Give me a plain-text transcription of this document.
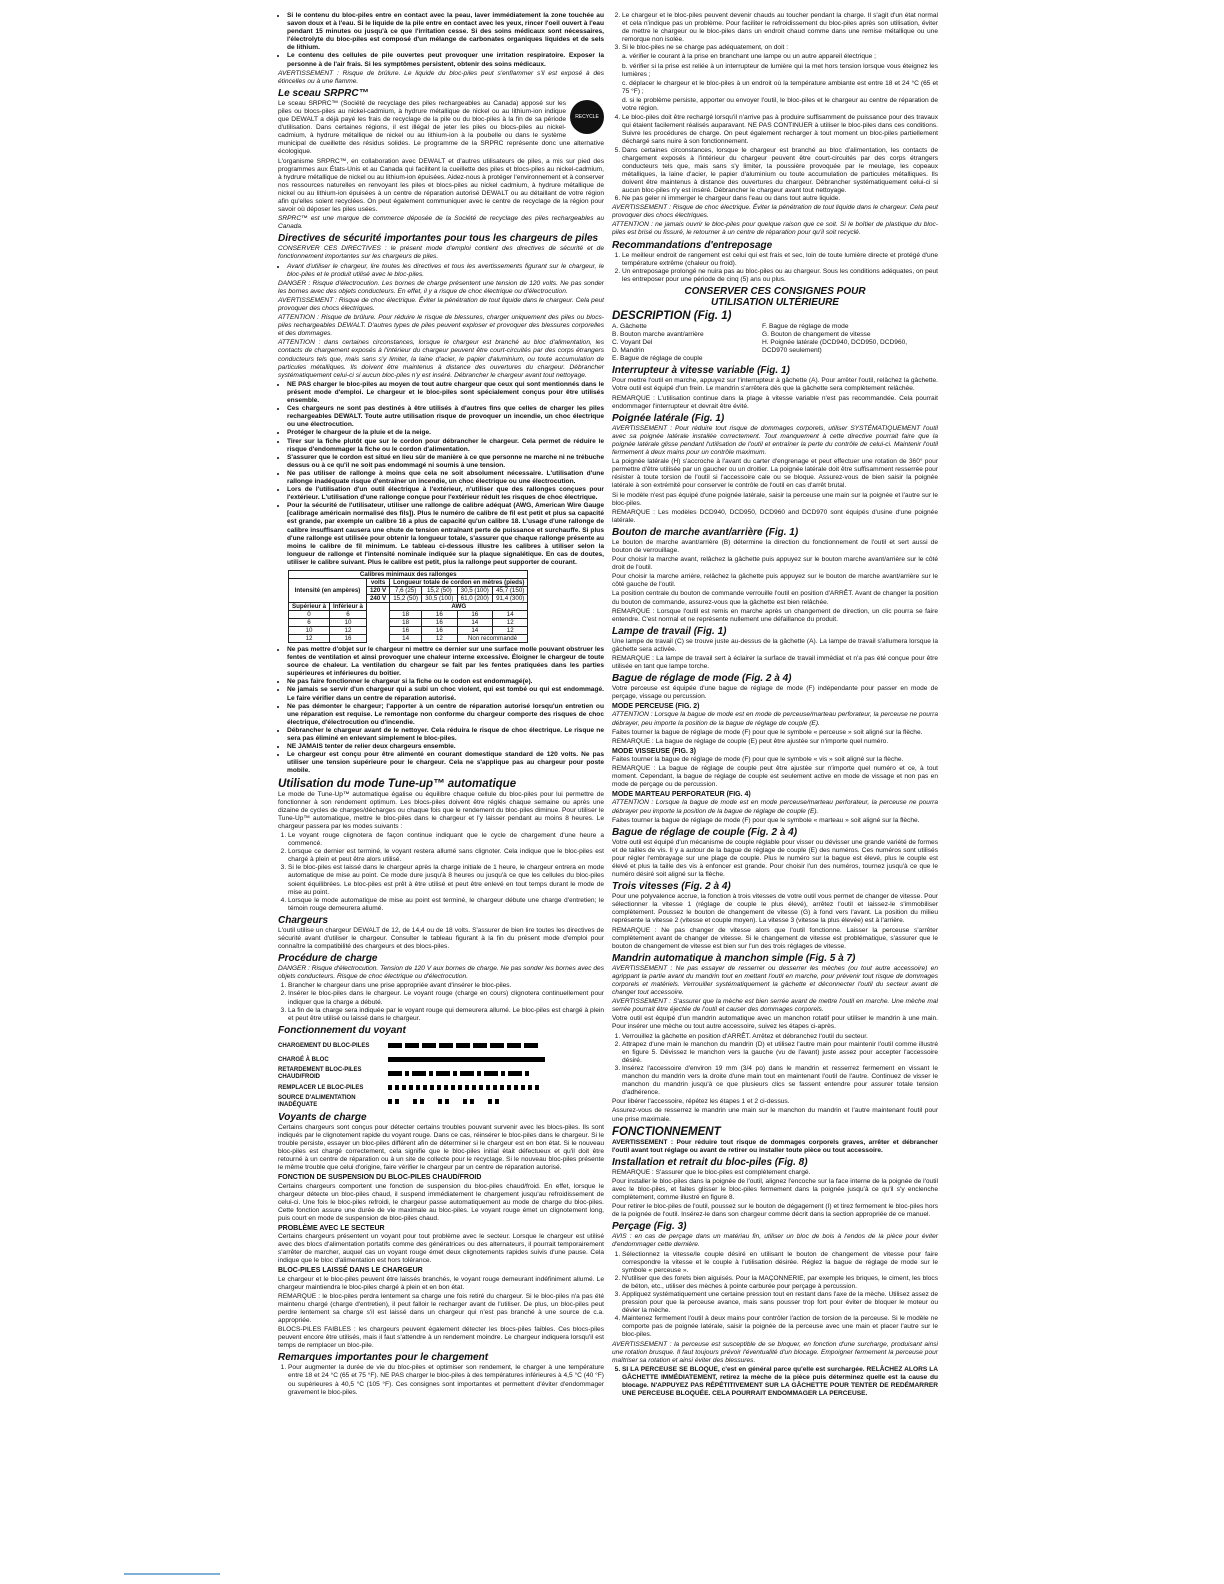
• Si le contenu du bloc-piles entre en contact avec la peau, laver immédiatement la zone touchée au savon doux et à l'eau. Si le liquide de la pile entre en contact avec les yeux, rincer l'oeil ouvert à l'eau pendant 15 minutes ou jusqu'à ce que l'irritation cesse. Si des soins médicaux sont nécessaires, l'électrolyte du bloc-piles est composé d'un mélange de carbonates organiques liquides et de sels de lithium.
• Le contenu des cellules de pile ouvertes peut provoquer une irritation respiratoire. Exposer la personne à de l'air frais. Si les symptômes persistent, obtenir des soins médicaux.

AVERTISSEMENT : Risque de brûlure. Le liquide du bloc-piles peut s'enflammer s'il est exposé à des étincelles ou à une flamme.

Le sceau SRPRC™
RECYCLE

Le sceau SRPRC™ (Société de recyclage des piles rechargeables au Canada) apposé sur les piles ou blocs-piles au nickel-cadmium, à hydrure métallique de nickel ou au lithium-ion indique que DEWALT a déjà payé les frais de recyclage de la pile ou du bloc-piles à la fin de sa période d'utilisation. Dans certaines régions, il est illégal de jeter les piles ou blocs-piles au nickel-cadmium, à hydrure métallique de nickel ou au lithium-ion à la poubelle ou dans le système municipal de cueillette des résidus solides. Le programme de la SRPRC représente donc une alternative écologique.

L'organisme SRPRC™, en collaboration avec DEWALT et d'autres utilisateurs de piles, a mis sur pied des programmes aux États-Unis et au Canada qui facilitent la cueillette des piles et blocs-piles au nickel-cadmium, à hydrure métallique de nickel ou au lithium-ion épuisées. Aidez-nous à protéger l'environnement et à conserver nos ressources naturelles en renvoyant les piles et blocs-piles au nickel cadmium, à hydrure métallique de nickel ou au lithium-ion épuisées à un centre de réparation autorisé DEWALT ou au détaillant de votre région afin qu'elles soient recyclées. On peut également communiquer avec le centre de recyclage de la région pour savoir où déposer les piles usées.

SRPRC™ est une marque de commerce déposée de la Société de recyclage des piles rechargeables au Canada.

Directives de sécurité importantes pour tous les chargeurs de piles

CONSERVER CES DIRECTIVES : le présent mode d'emploi contient des directives de sécurité et de fonctionnement importantes sur les chargeurs de piles.

• Avant d'utiliser le chargeur, lire toutes les directives et tous les avertissements figurant sur le chargeur, le bloc-piles et le produit utilisé avec le bloc-piles.

DANGER : Risque d'électrocution. Les bornes de charge présentent une tension de 120 volts. Ne pas sonder les bornes avec des objets conducteurs. En effet, il y a risque de choc électrique ou d'électrocution.

AVERTISSEMENT : Risque de choc électrique. Éviter la pénétration de tout liquide dans le chargeur. Cela peut provoquer des chocs électriques.

ATTENTION : Risque de brûlure. Pour réduire le risque de blessures, charger uniquement des piles ou blocs-piles rechargeables DEWALT. D'autres types de piles peuvent exploser et provoquer des blessures corporelles et des dommages.

ATTENTION : dans certaines circonstances, lorsque le chargeur est branché au bloc d'alimentation, les contacts de chargement exposés à l'intérieur du chargeur peuvent être court-circuités par des corps étrangers conducteurs tels que, mais sans s'y limiter, la laine d'acier, le papier d'aluminium, ou toute accumulation de particules métalliques. Ils doivent être maintenus à distance des ouvertures du chargeur. Débrancher systématiquement celui-ci si aucun bloc-piles n'y est inséré. Débrancher le chargeur avant tout nettoyage.

• NE PAS charger le bloc-piles au moyen de tout autre chargeur que ceux qui sont mentionnés dans le présent mode d'emploi. Le chargeur et le bloc-piles sont spécialement conçus pour être utilisés ensemble.
• Ces chargeurs ne sont pas destinés à être utilisés à d'autres fins que celles de charger les piles rechargeables DEWALT. Toute autre utilisation risque de provoquer un incendie, un choc électrique ou une électrocution.
• Protéger le chargeur de la pluie et de la neige.
• Tirer sur la fiche plutôt que sur le cordon pour débrancher le chargeur. Cela permet de réduire le risque d'endommager la fiche ou le cordon d'alimentation.
• S'assurer que le cordon est situé en lieu sûr de manière à ce que personne ne marche ni ne trébuche dessus ou à ce qu'il ne soit pas endommagé ni soumis à une tension.
• Ne pas utiliser de rallonge à moins que cela ne soit absolument nécessaire. L'utilisation d'une rallonge inadéquate risque d'entraîner un incendie, un choc électrique ou une électrocution.
• Lors de l'utilisation d'un outil électrique à l'extérieur, n'utiliser que des rallonges conçues pour l'extérieur. L'utilisation d'une rallonge conçue pour l'extérieur réduit les risques de choc électrique.
• Pour la sécurité de l'utilisateur, utiliser une rallonge de calibre adéquat (AWG, American Wire Gauge [calibrage américain normalisé des fils]). Plus le numéro de calibre de fil est petit et plus sa capacité est grande, par exemple un calibre 16 a plus de capacité qu'un calibre 18. L'usage d'une rallonge de calibre insuffisant causera une chute de tension entraînant perte de puissance et surchauffe. Si plus d'une rallonge est utilisée pour obtenir la longueur totale, s'assurer que chaque rallonge présente au moins le calibre de fil minimum. Le tableau ci-dessous illustre les calibres à utiliser selon la longueur de rallonge et l'intensité nominale indiquée sur la plaque signalétique. En cas de doutes, utiliser le calibre suivant. Plus le calibre est petit, plus la rallonge peut supporter de courant.
Calibres minimaux des rallonges						
Intensité (en ampères)		volts	Longueur totale de cordon en mètres (pieds)			
		120 V	7,6 (25)	15,2 (50)	30,5 (100)	45,7 (150)
		240 V	15,2 (50)	30,5 (100)	61,0 (200)	91,4 (300)
Supérieur à	Inférieur à		AWG			
0	6		18	16	16	14
6	10		18	16	14	12
10	12		16	16	14	12
12	16		14	12	Non recommandé	
• Ne pas mettre d'objet sur le chargeur ni mettre ce dernier sur une surface molle pouvant obstruer les fentes de ventilation et ainsi provoquer une chaleur interne excessive. Éloigner le chargeur de toute source de chaleur. La ventilation du chargeur se fait par les fentes pratiquées dans les parties supérieures et inférieures du boîtier.
• Ne pas faire fonctionner le chargeur si la fiche ou le codon est endommagé(e).
• Ne jamais se servir d'un chargeur qui a subi un choc violent, qui est tombé ou qui est endommagé. Le faire vérifier dans un centre de réparation autorisé.
• Ne pas démonter le chargeur; l'apporter à un centre de réparation autorisé lorsqu'un entretien ou une réparation est requise. Le remontage non conforme du chargeur comporte des risques de choc électrique, d'électrocution ou d'incendie.
• Débrancher le chargeur avant de le nettoyer. Cela réduira le risque de choc électrique. Le risque ne sera pas éliminé en enlevant simplement le bloc-piles.
• NE JAMAIS tenter de relier deux chargeurs ensemble.
• Le chargeur est conçu pour être alimenté en courant domestique standard de 120 volts. Ne pas utiliser une tension supérieure pour le chargeur. Cela ne s'applique pas au chargeur pour poste mobile.
Utilisation du mode Tune-up™ automatique

Le mode de Tune-Up™ automatique égalise ou équilibre chaque cellule du bloc-piles pour lui permettre de fonctionner à son rendement optimum. Les blocs-piles doivent être réglés chaque semaine ou après une dizaine de cycles de charges/décharges ou chaque fois que le rendement du bloc-piles diminue. Pour utiliser le Tune-Up™ automatique, mettre le bloc-piles dans le chargeur et l'y laisser pendant au moins 8 heures. Le chargeur passera par les modes suivants :

1. Le voyant rouge clignotera de façon continue indiquant que le cycle de chargement d'une heure a commencé.
2. Lorsque ce dernier est terminé, le voyant restera allumé sans clignoter. Cela indique que le bloc-piles est chargé à plein et peut être alors utilisé.
3. Si le bloc-piles est laissé dans le chargeur après la charge initiale de 1 heure, le chargeur entrera en mode automatique de mise au point. Ce mode dure jusqu'à 8 heures ou jusqu'à ce que les cellules du bloc-piles soient équilibrées. Le bloc-piles est prêt à être utilisé et peut être enlevé en tout temps durant le mode de mise au point.
4. Lorsque le mode automatique de mise au point est terminé, le chargeur débute une charge d'entretien; le témoin rouge demeurera allumé.
Chargeurs

L'outil utilise un chargeur DEWALT de 12, de 14,4 ou de 18 volts. S'assurer de bien lire toutes les directives de sécurité avant d'utiliser le chargeur. Consulter le tableau figurant à la fin du présent mode d'emploi pour connaître la compatibilité des chargeurs et des blocs-piles.

Procédure de charge

DANGER : Risque d'électrocution. Tension de 120 V aux bornes de charge. Ne pas sonder les bornes avec des objets conducteurs. Risque de choc électrique ou d'électrocution.

1. Brancher le chargeur dans une prise appropriée avant d'insérer le bloc-piles.
2. Insérer le bloc-piles dans le chargeur. Le voyant rouge (charge en cours) clignotera continuellement pour indiquer que la charge a débuté.
3. La fin de la charge sera indiquée par le voyant rouge qui demeurera allumé. Le bloc-piles est chargé à plein et peut être utilisé ou laissé dans le chargeur.
Fonctionnement du voyant
CHARGEMENT DU BLOC-PILES
CHARGÉ À BLOC
RETARDEMENT BLOC-PILES CHAUD/FROID
REMPLACER LE BLOC-PILES
SOURCE D'ALIMENTATION INADÉQUATE
Voyants de charge

Certains chargeurs sont conçus pour détecter certains troubles pouvant survenir avec les blocs-piles. Ils sont indiqués par le clignotement rapide du voyant rouge. Dans ce cas, réinsérer le bloc-piles dans le chargeur. Si le trouble persiste, essayer un bloc-piles différent afin de déterminer si le chargeur est en bon état. Si le nouveau bloc-piles est chargé correctement, cela signifie que le bloc-piles initial était défectueux et qu'il doit être retourné à un centre de réparation ou à un site de collecte pour le recyclage. Si le nouveau bloc-piles présente le même trouble que celui d'origine, faire vérifier le chargeur par un centre de réparation autorisé.

FONCTION DE SUSPENSION DU BLOC-PILES CHAUD/FROID

Certains chargeurs comportent une fonction de suspension du bloc-piles chaud/froid. En effet, lorsque le chargeur détecte un bloc-piles chaud, il suspend immédiatement le chargement jusqu'au refroidissement de celui-ci. Une fois le bloc-piles refroidi, le chargeur passe automatiquement au mode de charge du bloc-piles. Cette fonction assure une durée de vie maximale au bloc-piles. Le voyant rouge émet un clignotement long, puis court en mode de suspension de bloc-piles chaud.

PROBLÈME AVEC LE SECTEUR

Certains chargeurs présentent un voyant pour tout problème avec le secteur. Lorsque le chargeur est utilisé avec des blocs d'alimentation portatifs comme des génératrices ou des alternateurs, il pourrait temporairement s'arrêter de marcher, auquel cas un voyant rouge émet deux clignotements rapides suivis d'une pause. Cela indique que le bloc d'alimentation est hors tolérance.

BLOC-PILES LAISSÉ DANS LE CHARGEUR

Le chargeur et le bloc-piles peuvent être laissés branchés, le voyant rouge demeurant indéfiniment allumé. Le chargeur maintiendra le bloc-piles chargé à plein et en bon état.

REMARQUE : le bloc-piles perdra lentement sa charge une fois retiré du chargeur. Si le bloc-piles n'a pas été maintenu chargé (charge d'entretien), il peut falloir le recharger avant de l'utiliser. De plus, un bloc-piles peut perdre lentement sa charge s'il est laissé dans un chargeur qui n'est pas branché à une source de c.a. appropriée.

BLOCS-PILES FAIBLES : les chargeurs peuvent également détecter les blocs-piles faibles. Ces blocs-piles peuvent encore être utilisés, mais il faut s'attendre à un rendement moindre. Le chargeur indiquera lorsqu'il est temps de remplacer un bloc-pile.

Remarques importantes pour le chargement
1. Pour augmenter la durée de vie du bloc-piles et optimiser son rendement, le charger à une température entre 18 et 24 °C (65 et 75 °F). NE PAS charger le bloc-piles à des températures inférieures à 4,5 °C (40 °F) ou supérieures à 40,5 °C (105 °F). Ces consignes sont importantes et permettent d'éviter d'endommager gravement le bloc-piles.
2. Le chargeur et le bloc-piles peuvent devenir chauds au toucher pendant la charge. Il s'agit d'un état normal et cela n'indique pas un problème. Pour faciliter le refroidissement du bloc-piles après son utilisation, éviter de mettre le chargeur ou le bloc-piles dans un endroit chaud comme dans une remise métallique ou une remorque non isolée.
3. Si le bloc-piles ne se charge pas adéquatement, on doit :

a. vérifier le courant à la prise en branchant une lampe ou un autre appareil électrique ;

b. vérifier si la prise est reliée à un interrupteur de lumière qui la met hors tension lorsque vous éteignez les lumières ;

c. déplacer le chargeur et le bloc-piles à un endroit où la température ambiante est entre 18 et 24 °C (65 et 75 °F) ;

d. si le problème persiste, apporter ou envoyer l'outil, le bloc-piles et le chargeur au centre de réparation de votre région.

4. Le bloc-piles doit être rechargé lorsqu'il n'arrive pas à produire suffisamment de puissance pour des travaux qui étaient facilement réalisés auparavant. NE PAS CONTINUER à utiliser le bloc-piles dans ces conditions. Suivre les procédures de charge. On peut également recharger à tout moment un bloc-piles partiellement déchargé sans nuire à son fonctionnement.
5. Dans certaines circonstances, lorsque le chargeur est branché au bloc d'alimentation, les contacts de chargement exposés à l'intérieur du chargeur peuvent être court-circuités par des corps étrangers conducteurs tels que, mais sans s'y limiter, la poussière provoquée par le meulage, les copeaux métalliques, la laine d'acier, le papier d'aluminium ou toute accumulation de particules métalliques. Ils doivent être maintenus à distance des ouvertures du chargeur. Débrancher systématiquement celui-ci si aucun bloc-piles n'y est inséré. Débrancher le chargeur avant tout nettoyage.
6. Ne pas geler ni immerger le chargeur dans l'eau ou dans tout autre liquide.

AVERTISSEMENT : Risque de choc électrique. Éviter la pénétration de tout liquide dans le chargeur. Cela peut provoquer des chocs électriques.

ATTENTION : ne jamais ouvrir le bloc-piles pour quelque raison que ce soit. Si le boîtier de plastique du bloc-piles est brisé ou fissuré, le retourner à un centre de réparation pour qu'il soit recyclé.

Recommandations d'entreposage
1. Le meilleur endroit de rangement est celui qui est frais et sec, loin de toute lumière directe et protégé d'une température extrême (chaleur ou froid).
2. Un entreposage prolongé ne nuira pas au bloc-piles ou au chargeur. Sous les conditions adéquates, on peut les entreposer pour une période de cinq (5) ans ou plus.
CONSERVER CES CONSIGNES POUR
UTILISATION ULTÉRIEURE
DESCRIPTION (Fig. 1)
A. Gâchette
B. Bouton marche avant/arrière
C. Voyant Del
D. Mandrin
E. Bague de réglage de couple
F. Bague de réglage de mode
G. Bouton de changement de vitesse
H. Poignée latérale (DCD940, DCD950, DCD960, DCD970 seulement)
Interrupteur à vitesse variable (Fig. 1)

Pour mettre l'outil en marche, appuyez sur l'interrupteur à gâchette (A). Pour arrêter l'outil, relâchez la gâchette. Votre outil est équipé d'un frein. Le mandrin s'arrêtera dès que la gâchette sera complètement relâchée.

REMARQUE : L'utilisation continue dans la plage à vitesse variable n'est pas recommandée. Cela pourrait endommager l'interrupteur et devrait être évité.

Poignée latérale (Fig. 1)

AVERTISSEMENT : Pour réduire tout risque de dommages corporels, utiliser SYSTÉMATIQUEMENT l'outil avec sa poignée latérale installée correctement. Tout manquement à cette directive pourrait faire que la poignée latérale glisse pendant l'utilisation de l'outil et entraîner la perte du contrôle de celui-ci. Maintenir l'outil fermement à deux mains pour un contrôle maximum.

La poignée latérale (H) s'accroche à l'avant du carter d'engrenage et peut effectuer une rotation de 360° pour permettre d'être utilisée par un gaucher ou un droitier. La poignée latérale doit être suffisamment resserrée pour résister à toute torsion de l'outil si l'accessoire cale ou se bloque. Assurez-vous de bien saisir la poignée latérale à son extrémité pour conserver le contrôle de l'outil en cas d'arrêt brutal.

Si le modèle n'est pas équipé d'une poignée latérale, saisir la perceuse une main sur la poignée et l'autre sur le bloc-piles.

REMARQUE : Les modèles DCD940, DCD950, DCD960 and DCD970 sont équipés d'usine d'une poignée latérale.

Bouton de marche avant/arrière (Fig. 1)

Le bouton de marche avant/arrière (B) détermine la direction du fonctionnement de l'outil et sert aussi de bouton de verrouillage.

Pour choisir la marche avant, relâchez la gâchette puis appuyez sur le bouton marche avant/arrière sur le côté droit de l'outil.

Pour choisir la marche arrière, relâchez la gâchette puis appuyez sur le bouton de marche avant/arrière sur le côté gauche de l'outil.

La position centrale du bouton de commande verrouille l'outil en position d'ARRÊT. Avant de changer la position du bouton de commande, assurez-vous que la gâchette est bien relâchée.

REMARQUE : Lorsque l'outil est remis en marche après un changement de direction, un clic pourra se faire entendre. C'est normal et ne représente nullement une défaillance du produit.

Lampe de travail (Fig. 1)

Une lampe de travail (C) se trouve juste au-dessus de la gâchette (A). La lampe de travail s'allumera lorsque la gâchette sera activée.

REMARQUE : La lampe de travail sert à éclairer la surface de travail immédiat et n'a pas été conçue pour être utilisée en tant que lampe torche.

Bague de réglage de mode (Fig. 2 à 4)

Votre perceuse est équipée d'une bague de réglage de mode (F) indépendante pour passer en mode de perçage, vissage ou percussion.

MODE PERCEUSE (FIG. 2)

ATTENTION : Lorsque la bague de mode est en mode de perceuse/marteau perforateur, la perceuse ne pourra débrayer, peu importe la position de la bague de réglage de couple (E).

Faites tourner la bague de réglage de mode (F) pour que le symbole « perceuse » soit aligné sur la flèche.

REMARQUE : La bague de réglage de couple (E) peut être ajustée sur n'importe quel numéro.

MODE VISSEUSE (FIG. 3)

Faites tourner la bague de réglage de mode (F) pour que le symbole « vis » soit aligné sur la flèche.

REMARQUE : La bague de réglage de couple peut être ajustée sur n'importe quel numéro et ce, à tout moment. Cependant, la bague de réglage de couple est seulement active en mode de vissage et non pas en mode de perçage ou de percussion.

MODE MARTEAU PERFORATEUR (FIG. 4)

ATTENTION : Lorsque la bague de mode est en mode perceuse/marteau perforateur, la perceuse ne pourra débrayer peu importe la position de la bague de réglage de couple (E).

Faites tourner la bague de réglage de mode (F) pour que le symbole « marteau » soit aligné sur la flèche.

Bague de réglage de couple (Fig. 2 à 4)

Votre outil est équipé d'un mécanisme de couple réglable pour visser ou dévisser une grande variété de formes et de tailles de vis. Il y a autour de la bague de réglage de couple (E) des numéros. Ces numéros sont utilisés pour régler l'embrayage sur une plage de couple. Plus le numéro sur la bague est élevé, plus le couple est élevé et plus la taille des vis à enfoncer est grande. Pour choisir l'un des numéros, tournez jusqu'à ce que le numéro désiré soit aligné sur la flèche.

Trois vitesses (Fig. 2 à 4)

Pour une polyvalence accrue, la fonction à trois vitesses de votre outil vous permet de changer de vitesse. Pour sélectionner la vitesse 1 (réglage de couple le plus élevé), arrêtez l'outil et laissez-le s'immobiliser complètement. Poussez le bouton de changement de vitesse (G) à fond vers l'avant. La position du milieu représente la vitesse 2 (vitesse et couple moyen). La vitesse 3 (vitesse la plus élevée) est à l'arrière.

REMARQUE : Ne pas changer de vitesse alors que l'outil fonctionne. Laisser la perceuse s'arrêter complètement avant de changer de vitesse. Si le changement de vitesse est problématique, s'assurer que le bouton de changement de vitesse est bien sur l'un des trois réglages de vitesse.

Mandrin automatique à manchon simple (Fig. 5 à 7)

AVERTISSEMENT : Ne pas essayer de resserrer ou desserrer les mèches (ou tout autre accessoire) en agrippant la partie avant du mandrin tout en mettant l'outil en marche, pour prévenir tout risque de dommages corporels et matériels. Verrouiller systématiquement la gâchette et déconnecter l'outil du secteur avant de changer tout accessoire.

AVERTISSEMENT : S'assurer que la mèche est bien serrée avant de mettre l'outil en marche. Une mèche mal serrée pourrait être éjectée de l'outil et causer des dommages corporels.

Votre outil est équipé d'un mandrin automatique avec un manchon rotatif pour utiliser le mandrin à une main. Pour insérer une mèche ou tout autre accessoire, suivez les étapes ci-après.

1. Verrouillez la gâchette en position d'ARRÊT. Arrêtez et débranchez l'outil du secteur.
2. Attrapez d'une main le manchon du mandrin (D) et utilisez l'autre main pour maintenir l'outil comme illustré en figure 5. Dévissez le manchon vers la gauche (vu de l'avant) juste assez pour accepter l'accessoire désiré.
3. Insérez l'accessoire d'environ 19 mm (3/4 po) dans le mandrin et resserrez fermement en vissant le manchon du mandrin vers la droite d'une main tout en maintenant l'outil de l'autre. Continuez de visser le manchon du mandrin jusqu'à ce que plusieurs clics se fassent entendre pour assurer totale tension d'adhérence.

Pour libérer l'accessoire, répétez les étapes 1 et 2 ci-dessus.

Assurez-vous de resserrez le mandrin une main sur le manchon du mandrin et l'autre maintenant l'outil pour une prise maximale.

FONCTIONNEMENT

AVERTISSEMENT : Pour réduire tout risque de dommages corporels graves, arrêter et débrancher l'outil avant tout réglage ou avant de retirer ou installer toute pièce ou tout accessoire.

Installation et retrait du bloc-piles (Fig. 8)

REMARQUE : S'assurer que le bloc-piles est complètement chargé.

Pour installer le bloc-piles dans la poignée de l'outil, alignez l'encoche sur la face interne de la poignée de l'outil avec le bloc-piles, et faites glisser le bloc-piles fermement dans la poignée jusqu'à ce qu'il s'y enclenche complètement, comme illustré en figure 8.

Pour retirer le bloc-piles de l'outil, poussez sur le bouton de dégagement (I) et tirez fermement le bloc-piles hors de la poignée de l'outil. Insérez-le dans son chargeur comme décrit dans la section appropriée de ce manuel.

Perçage (Fig. 3)

AVIS : en cas de perçage dans un matériau fin, utiliser un bloc de bois à l'endos de la pièce pour éviter d'endommager cette dernière.

1. Sélectionnez la vitesse/le couple désiré en utilisant le bouton de changement de vitesse pour faire correspondre la vitesse et le couple à l'utilisation désirée. Réglez la bague de réglage de mode sur le symbole « perceuse ».
2. N'utiliser que des forets bien aiguisés. Pour la MAÇONNERIE, par exemple les briques, le ciment, les blocs de béton, etc., utiliser des mèches à pointe carburée pour perçage à percussion.
3. Appliquez systématiquement une certaine pression tout en restant dans l'axe de la mèche. Utilisez assez de pression pour que la perceuse avance, mais sans pousser trop fort pour éviter de bloquer le moteur ou dévier la mèche.
4. Maintenez fermement l'outil à deux mains pour contrôler l'action de torsion de la perceuse. Si le modèle ne comporte pas de poignée latérale, saisir la poignée de la perceuse avec une main et placer l'autre sur le bloc-piles.

AVERTISSEMENT : la perceuse est susceptible de se bloquer, en fonction d'une surcharge, produisant ainsi une rotation brusque. Il faut toujours prévoir l'éventualité d'un blocage. Empoigner fermement la perceuse pour maîtriser sa rotation et ainsi éviter des blessures.

5. SI LA PERCEUSE SE BLOQUE, c'est en général parce qu'elle est surchargée. RELÂCHEZ ALORS LA GÂCHETTE IMMÉDIATEMENT, retirez la mèche de la pièce puis déterminez quelle est la cause du blocage. N'APPUYEZ PAS RÉPÉTITIVEMENT SUR LA GÂCHETTE POUR TENTER DE REDÉMARRER UNE PERCEUSE BLOQUÉE. CELA POURRAIT ENDOMMAGER LA PERCEUSE.
